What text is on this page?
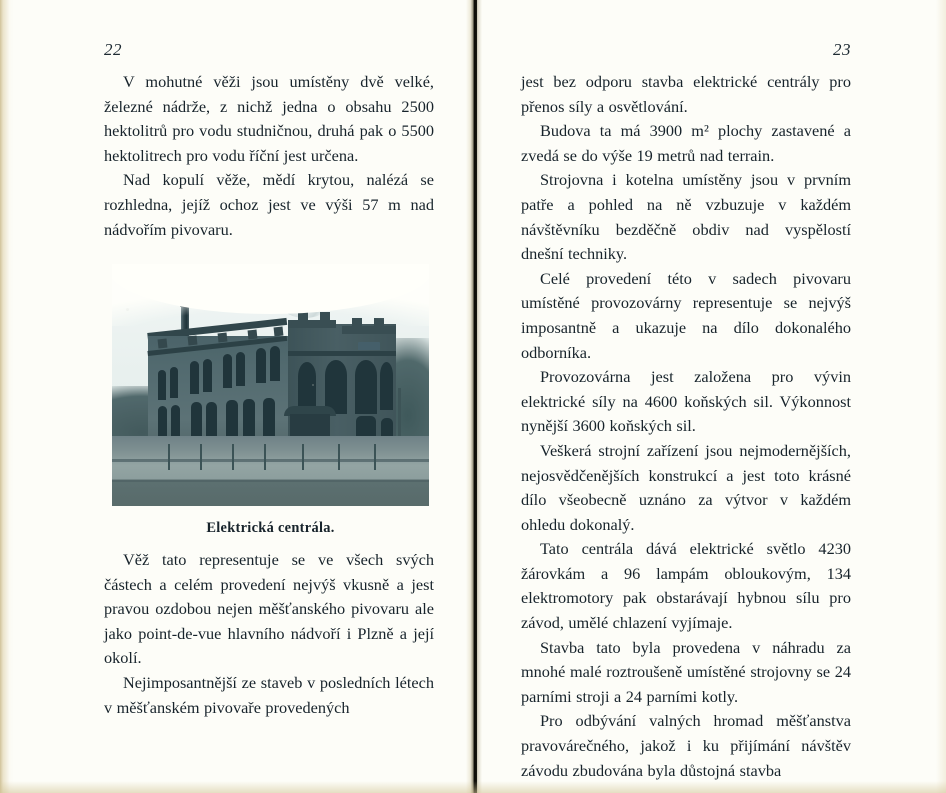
22

V mohutné věži jsou umístěny dvě velké, železné nádrže, z nichž jedna o obsahu 2500 hektolitrů pro vodu studničnou, druhá pak o 5500 hektolitrech pro vodu říční jest určena.

Nad kopulí věže, mědí krytou, nalézá se rozhledna, jejíž ochoz jest ve výši 57 m nad nádvořím pivovaru.

Elektrická centrála.

Věž tato representuje se ve všech svých částech a celém provedení nejvýš vkusně a jest pravou ozdobou nejen měšťanského pivovaru ale jako point-de-vue hlavního nádvoří i Plzně a její okolí.

Nejimposantnější ze staveb v posledních létech v měšťanském pivovaře provedených

23

jest bez odporu stavba elektrické centrály pro přenos síly a osvětlování.

Budova ta má 3900 m² plochy zastavené a zvedá se do výše 19 metrů nad terrain.

Strojovna i kotelna umístěny jsou v prvním patře a pohled na ně vzbuzuje v každém návštěvníku bezděčně obdiv nad vyspělostí dnešní techniky.

Celé provedení této v sadech pivovaru umístěné provozovárny representuje se nejvýš imposantně a ukazuje na dílo dokonalého odborníka.

Provozovárna jest založena pro vývin elektrické síly na 4600 koňských sil. Výkonnost nynější 3600 koňských sil.

Veškerá strojní zařízení jsou nejmodernějších, nejosvědčenějších konstrukcí a jest toto krásné dílo všeobecně uznáno za výtvor v každém ohledu dokonalý.

Tato centrála dává elektrické světlo 4230 žárovkám a 96 lampám obloukovým, 134 elektromotory pak obstarávají hybnou sílu pro závod, umělé chlazení vyjímaje.

Stavba tato byla provedena v náhradu za mnohé malé roztroušeně umístěné strojovny se 24 parními stroji a 24 parními kotly.

Pro odbývání valných hromad měšťanstva pravovárečného, jakož i ku přijímání návštěv závodu zbudována byla důstojná stavba
